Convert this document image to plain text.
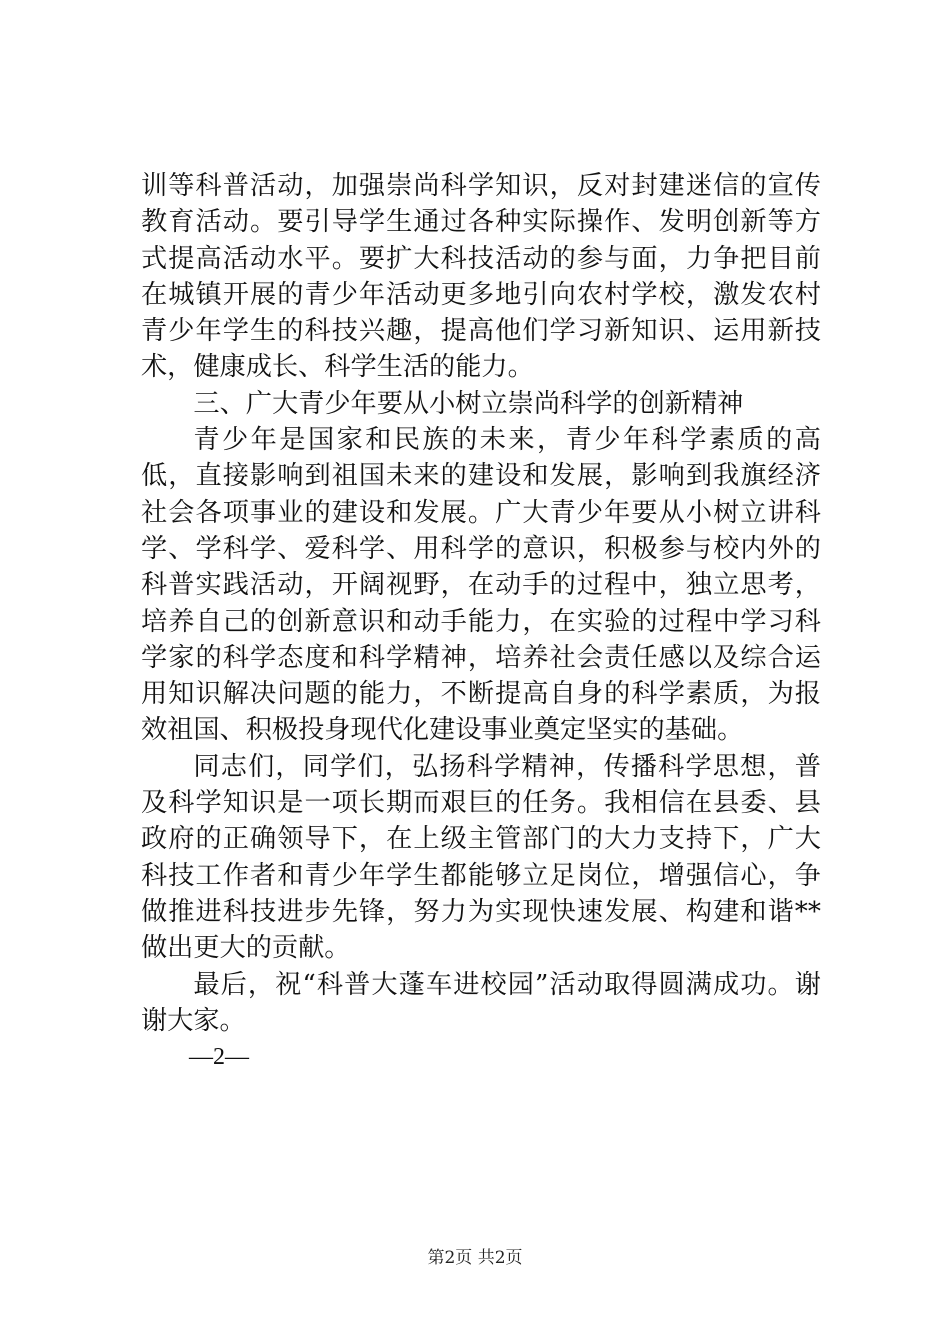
训等科普活动，加强崇尚科学知识，反对封建迷信的宣传教育活动。要引导学生通过各种实际操作、发明创新等方式提高活动水平。要扩大科技活动的参与面，力争把目前在城镇开展的青少年活动更多地引向农村学校，激发农村青少年学生的科技兴趣，提高他们学习新知识、运用新技术，健康成长、科学生活的能力。

三、广大青少年要从小树立崇尚科学的创新精神

青少年是国家和民族的未来，青少年科学素质的高低，直接影响到祖国未来的建设和发展，影响到我旗经济社会各项事业的建设和发展。广大青少年要从小树立讲科学、学科学、爱科学、用科学的意识，积极参与校内外的科普实践活动，开阔视野，在动手的过程中，独立思考，培养自己的创新意识和动手能力，在实验的过程中学习科学家的科学态度和科学精神，培养社会责任感以及综合运用知识解决问题的能力，不断提高自身的科学素质，为报效祖国、积极投身现代化建设事业奠定坚实的基础。

同志们，同学们，弘扬科学精神，传播科学思想，普及科学知识是一项长期而艰巨的任务。我相信在县委、县政府的正确领导下，在上级主管部门的大力支持下，广大科技工作者和青少年学生都能够立足岗位，增强信心，争做推进科技进步先锋，努力为实现快速发展、构建和谐**做出更大的贡献。

最后，祝“科普大蓬车进校园”活动取得圆满成功。谢谢大家。

—2—

第2页 共2页
